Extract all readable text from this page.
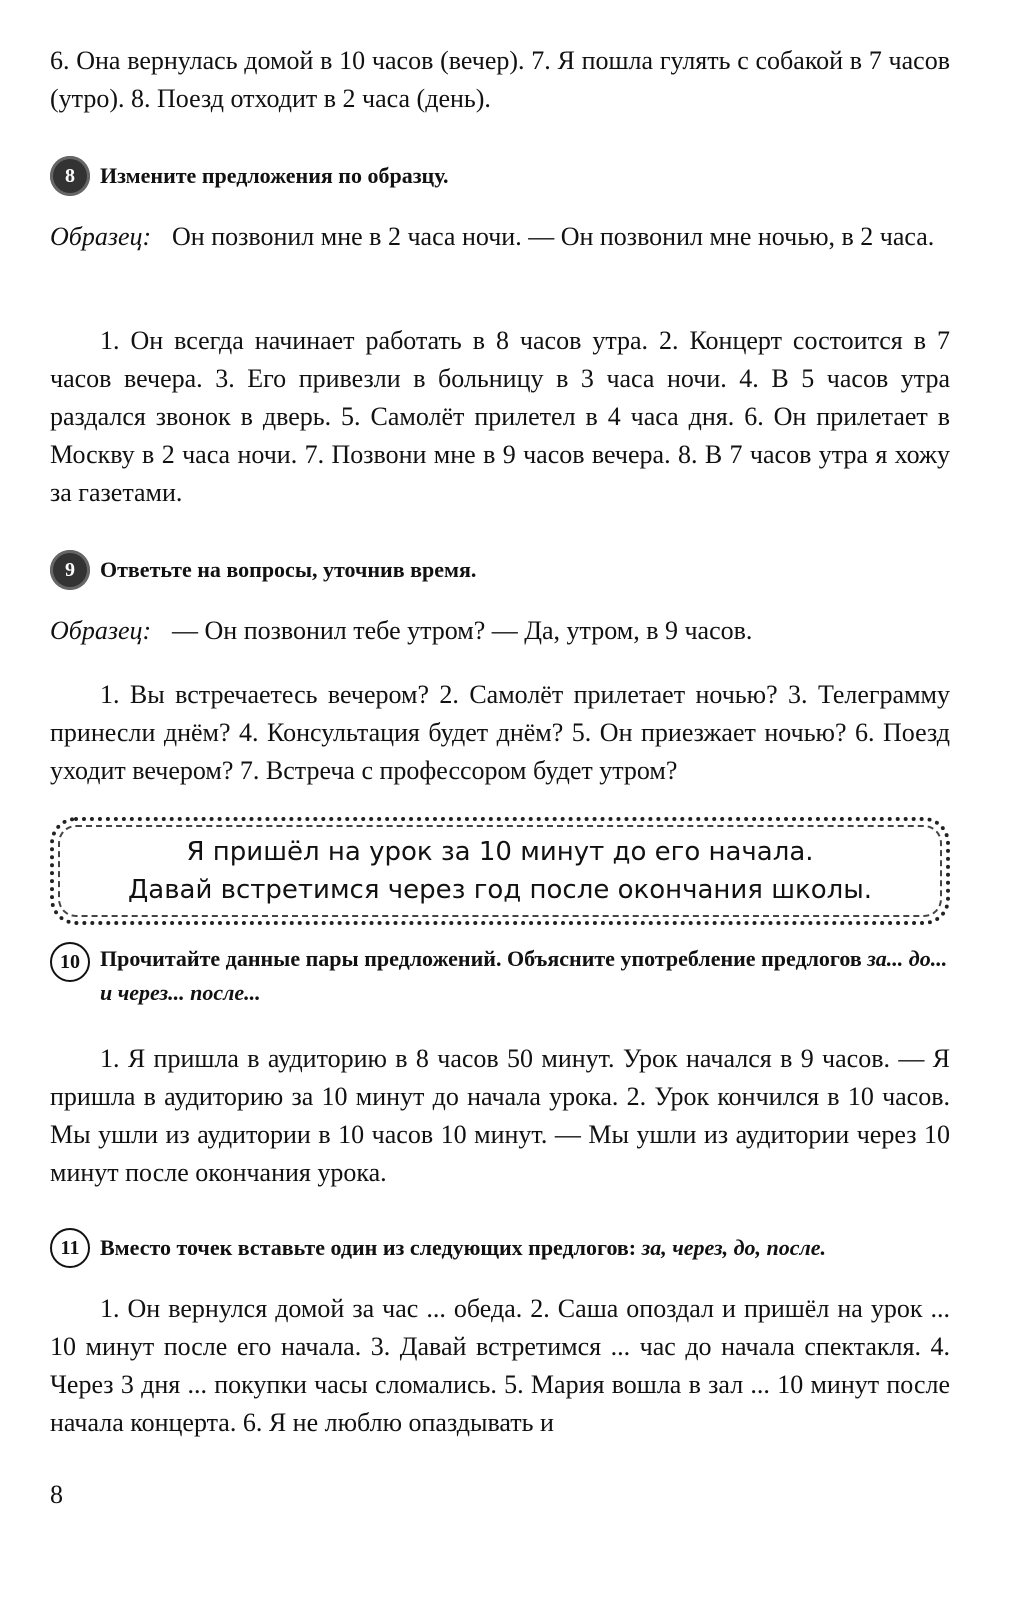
6. Она вернулась домой в 10 часов (вечер). 7. Я пошла гулять с собакой в 7 часов (утро). 8. Поезд отходит в 2 часа (день).

8	Измените предложения по образцу.
Образец: Он позвонил мне в 2 часа ночи. — Он позвонил мне ночью, в 2 часа.

1. Он всегда начинает работать в 8 часов утра. 2. Концерт состоится в 7 часов вечера. 3. Его привезли в больницу в 3 часа ночи. 4. В 5 часов утра раздался звонок в дверь. 5. Самолёт прилетел в 4 часа дня. 6. Он прилетает в Москву в 2 часа ночи. 7. Позвони мне в 9 часов вечера. 8. В 7 часов утра я хожу за газетами.

9	Ответьте на вопросы, уточнив время.
Образец: — Он позвонил тебе утром? — Да, утром, в 9 часов.

1. Вы встречаетесь вечером? 2. Самолёт прилетает ночью? 3. Телеграмму принесли днём? 4. Консультация будет днём? 5. Он приезжает ночью? 6. Поезд уходит вечером? 7. Встреча с профессором будет утром?

Я пришёл на урок за 10 минут до его начала.
Давай встретимся через год после окончания школы.
10 Прочитайте данные пары предложений. Объясните употребление предлогов за... до... и через... после...

1. Я пришла в аудиторию в 8 часов 50 минут. Урок начался в 9 часов. — Я пришла в аудиторию за 10 минут до начала урока. 2. Урок кончился в 10 часов. Мы ушли из аудитории в 10 часов 10 минут. — Мы ушли из аудитории через 10 минут после окончания урока.

11 Вместо точек вставьте один из следующих предлогов: за, через, до, после.

1. Он вернулся домой за час ... обеда. 2. Саша опоздал и пришёл на урок ... 10 минут после его начала. 3. Давай встретимся ... час до начала спектакля. 4. Через 3 дня ... покупки часы сломались. 5. Мария вошла в зал ... 10 минут после начала концерта. 6. Я не люблю опаздывать и

8
